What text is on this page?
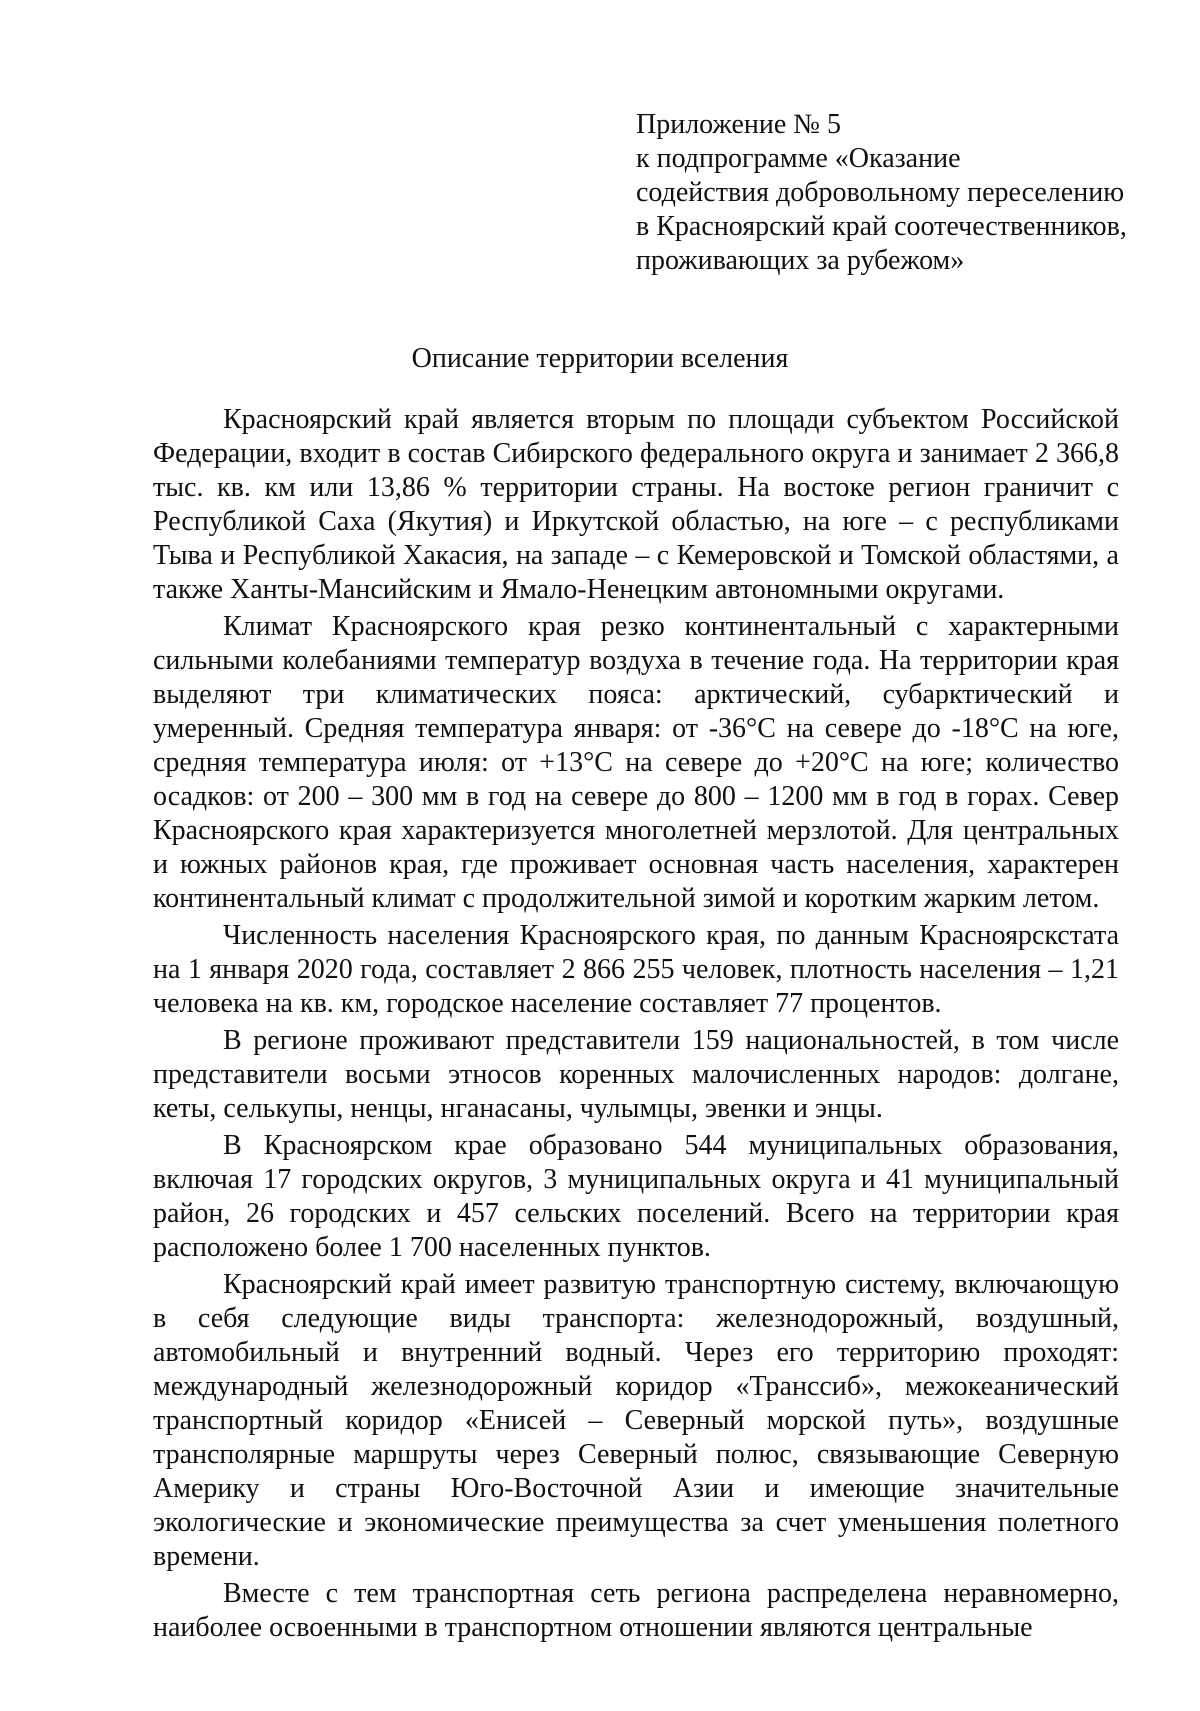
Приложение № 5
к подпрограмме «Оказание
содействия добровольному переселению
в Красноярский край соотечественников,
проживающих за рубежом»
Описание территории вселения

Красноярский край является вторым по площади субъектом Российской Федерации, входит в состав Сибирского федерального округа и занимает 2 366,8 тыс. кв. км или 13,86 % территории страны. На востоке регион граничит с Республикой Саха (Якутия) и Иркутской областью, на юге – с республиками Тыва и Республикой Хакасия, на западе – с Кемеровской и Томской областями, а также Ханты-Мансийским и Ямало-Ненецким автономными округами.

Климат Красноярского края резко континентальный с характерными сильными колебаниями температур воздуха в течение года. На территории края выделяют три климатических пояса: арктический, субарктический и умеренный. Средняя температура января: от -36°С на севере до -18°С на юге, средняя температура июля: от +13°С на севере до +20°С на юге; количество осадков: от 200 – 300 мм в год на севере до 800 – 1200 мм в год в горах. Север Красноярского края характеризуется многолетней мерзлотой. Для центральных и южных районов края, где проживает основная часть населения, характерен континентальный климат с продолжительной зимой и коротким жарким летом.

Численность населения Красноярского края, по данным Красноярскстата на 1 января 2020 года, составляет 2 866 255 человек, плотность населения – 1,21 человека на кв. км, городское население составляет 77 процентов.

В регионе проживают представители 159 национальностей, в том числе представители восьми этносов коренных малочисленных народов: долгане, кеты, селькупы, ненцы, нганасаны, чулымцы, эвенки и энцы.

В Красноярском крае образовано 544 муниципальных образования, включая 17 городских округов, 3 муниципальных округа и 41 муниципальный район, 26 городских и 457 сельских поселений. Всего на территории края расположено более 1 700 населенных пунктов.

Красноярский край имеет развитую транспортную систему, включающую в себя следующие виды транспорта: железнодорожный, воздушный, автомобильный и внутренний водный. Через его территорию проходят: международный железнодорожный коридор «Транссиб», межокеанический транспортный коридор «Енисей – Северный морской путь», воздушные трансполярные маршруты через Северный полюс, связывающие Северную Америку и страны Юго-Восточной Азии и имеющие значительные экологические и экономические преимущества за счет уменьшения полетного времени.

Вместе с тем транспортная сеть региона распределена неравномерно, наиболее освоенными в транспортном отношении являются центральные
